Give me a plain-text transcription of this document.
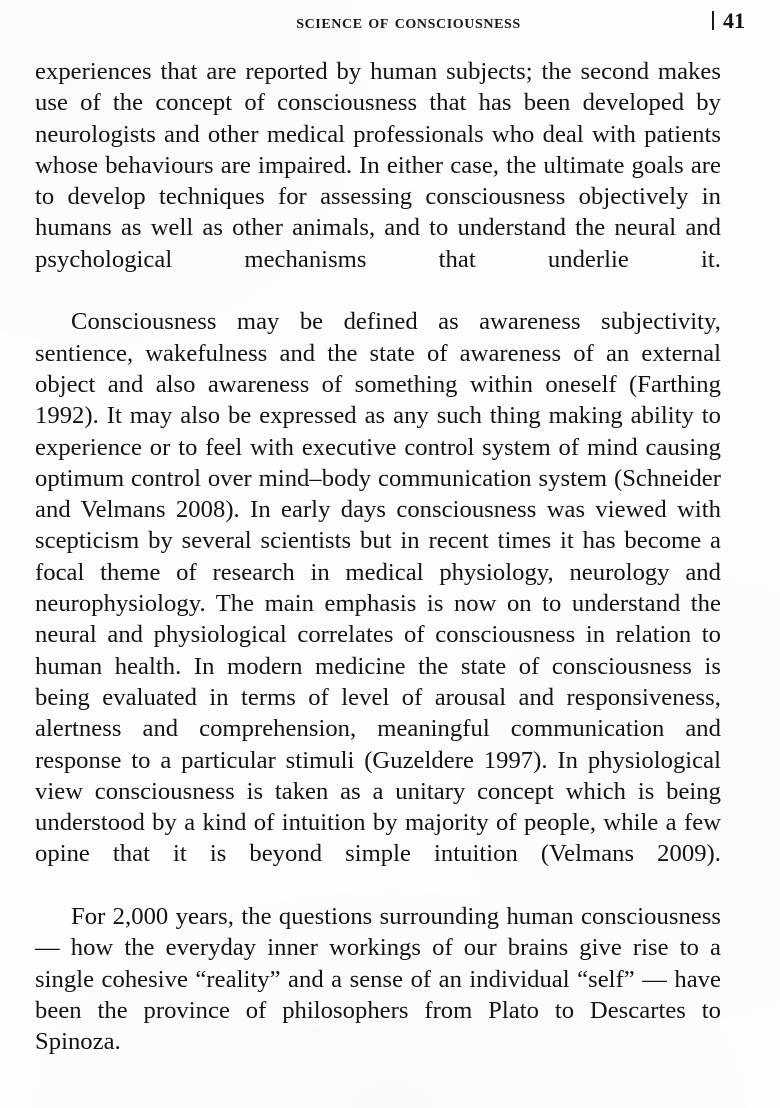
science of consciousness	41

experiences that are reported by human subjects; the second makes use of the concept of consciousness that has been developed by neurologists and other medical professionals who deal with patients whose behaviours are impaired. In either case, the ultimate goals are to develop techniques for assessing consciousness objectively in humans as well as other animals, and to understand the neural and psychological mechanisms that underlie it.

Consciousness may be defined as awareness subjectivity, sentience, wakefulness and the state of awareness of an external object and also awareness of something within oneself (Farthing 1992). It may also be expressed as any such thing making ability to experience or to feel with executive control system of mind causing optimum control over mind–body communication system (Schneider and Velmans 2008). In early days consciousness was viewed with scepticism by several scientists but in recent times it has become a focal theme of research in medical physiology, neurology and neurophysiology. The main emphasis is now on to understand the neural and physiological correlates of consciousness in relation to human health. In modern medicine the state of consciousness is being evaluated in terms of level of arousal and responsiveness, alertness and comprehension, meaningful communication and response to a particular stimuli (Guzeldere 1997). In physiological view consciousness is taken as a unitary concept which is being understood by a kind of intuition by majority of people, while a few opine that it is beyond simple intuition (Velmans 2009).

For 2,000 years, the questions surrounding human consciousness — how the everyday inner workings of our brains give rise to a single cohesive “reality” and a sense of an individual “self” — have been the province of philosophers from Plato to Descartes to Spinoza.
